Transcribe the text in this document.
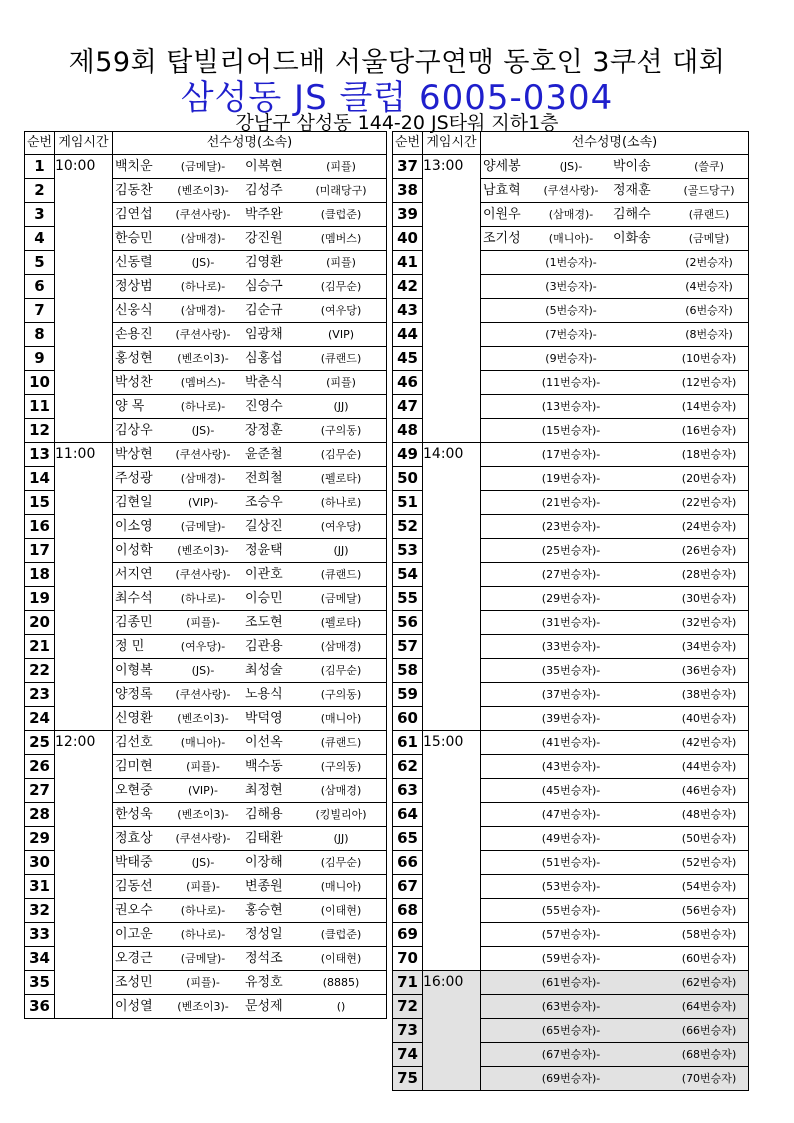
제59회 탑빌리어드배 서울당구연맹 동호인 3쿠션 대회
삼성동 JS 클럽 6005-0304
강남구 삼성동 144-20 JS타워 지하1층
순번	게임시간	선수성명(소속)
1	10:00	백치운 (금메달)- 이복현 (피플)

2		김동찬 (벤조이3)- 김성주 (미래당구)

3		김연섭 (쿠션사랑)- 박주완 (클럽준)

4		한승민 (삼매경)- 강진원 (멤버스)

5		신동렬 (JS)- 김영환 (피플)

6		정상범 (하나로)- 심승구 (김무순)

7		신웅식 (삼매경)- 김순규 (여우당)

8		손용진 (쿠션사랑)- 임광채 (VIP)

9		홍성현 (벤조이3)- 심홍섭 (큐랜드)

10		박성찬 (멤버스)- 박춘식 (피플)

11		양 목 (하나로)- 진영수 (JJ)

12		김상우 (JS)- 장정훈 (구의동)

13	11:00	박상현 (쿠션사랑)- 윤준철 (김무순)

14		주성광 (삼매경)- 전희철 (펠로타)

15		김현일 (VIP)- 조승우 (하나로)

16		이소영 (금메달)- 길상진 (여우당)

17		이성학 (벤조이3)- 정윤택 (JJ)

18		서지연 (쿠션사랑)- 이관호 (큐랜드)

19		최수석 (하나로)- 이승민 (금메달)

20		김종민 (피플)- 조도현 (펠로타)

21		정 민 (여우당)- 김관용 (삼매경)

22		이형복 (JS)- 최성술 (김무순)

23		양정록 (쿠션사랑)- 노용식 (구의동)

24		신영환 (벤조이3)- 박덕영 (매니아)

25	12:00	김선호 (매니아)- 이선옥 (큐랜드)

26		김미현 (피플)- 백수동 (구의동)

27		오현중 (VIP)- 최정현 (삼매경)

28		한성욱 (벤조이3)- 김해용 (킹빌리아)

29		정효상 (쿠션사랑)- 김태환 (JJ)

30		박태중 (JS)- 이장해 (김무순)

31		김동선 (피플)- 변종원 (매니아)

32		권오수 (하나로)- 홍승현 (이태현)

33		이고운 (하나로)- 정성일 (클럽준)

34		오경근 (금메달)- 정석조 (이태현)

35		조성민 (피플)- 유정호 (8885)

36		이성열 (벤조이3)- 문성제 ()
순번	게임시간	선수성명(소속)
37	13:00	양세봉 (JS)- 박이송 (쓸쿠)

38		남효혁 (쿠션사랑)- 정재훈 (골드당구)

39		이원우 (삼매경)- 김해수 (큐랜드)

40		조기성 (매니아)- 이화송 (금메달)

41		(1번승자)- (2번승자)

42		(3번승자)- (4번승자)

43		(5번승자)- (6번승자)

44		(7번승자)- (8번승자)

45		(9번승자)- (10번승자)

46		(11번승자)- (12번승자)

47		(13번승자)- (14번승자)

48		(15번승자)- (16번승자)

49	14:00	(17번승자)- (18번승자)

50		(19번승자)- (20번승자)

51		(21번승자)- (22번승자)

52		(23번승자)- (24번승자)

53		(25번승자)- (26번승자)

54		(27번승자)- (28번승자)

55		(29번승자)- (30번승자)

56		(31번승자)- (32번승자)

57		(33번승자)- (34번승자)

58		(35번승자)- (36번승자)

59		(37번승자)- (38번승자)

60		(39번승자)- (40번승자)

61	15:00	(41번승자)- (42번승자)

62		(43번승자)- (44번승자)

63		(45번승자)- (46번승자)

64		(47번승자)- (48번승자)

65		(49번승자)- (50번승자)

66		(51번승자)- (52번승자)

67		(53번승자)- (54번승자)

68		(55번승자)- (56번승자)

69		(57번승자)- (58번승자)

70		(59번승자)- (60번승자)

71	16:00	(61번승자)- (62번승자)

72		(63번승자)- (64번승자)

73		(65번승자)- (66번승자)

74		(67번승자)- (68번승자)

75		(69번승자)- (70번승자)
